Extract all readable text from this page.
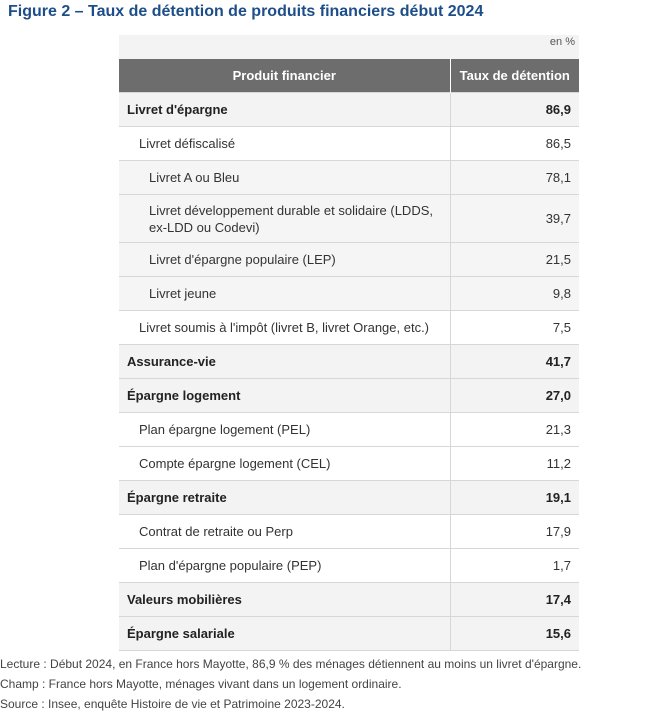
Figure 2 – Taux de détention de produits financiers début 2024
en %
Produit financier	Taux de détention
Livret d'épargne	86,9
Livret défiscalisé	86,5
Livret A ou Bleu	78,1
Livret développement durable et solidaire (LDDS, ex-LDD ou Codevi)	39,7
Livret d'épargne populaire (LEP)	21,5
Livret jeune	9,8
Livret soumis à l'impôt (livret B, livret Orange, etc.)	7,5
Assurance-vie	41,7
Épargne logement	27,0
Plan épargne logement (PEL)	21,3
Compte épargne logement (CEL)	11,2
Épargne retraite	19,1
Contrat de retraite ou Perp	17,9
Plan d'épargne populaire (PEP)	1,7
Valeurs mobilières	17,4
Épargne salariale	15,6
Lecture : Début 2024, en France hors Mayotte, 86,9 % des ménages détiennent au moins un livret d'épargne.
Champ : France hors Mayotte, ménages vivant dans un logement ordinaire.
Source : Insee, enquête Histoire de vie et Patrimoine 2023-2024.
